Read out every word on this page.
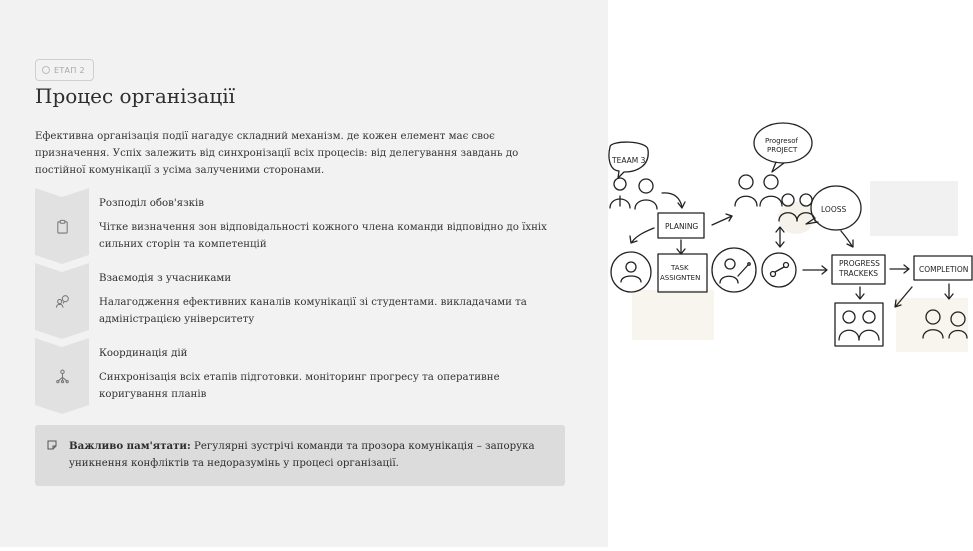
ЕТАП 2
Процес організації

Ефективна організація події нагадує складний механізм. де кожен елемент має своє призначення. Успіх залежить від синхронізації всіх процесів: від делегування завдань до постійної комунікації з усіма залученими сторонами.

Розподіл обов'язків
Чітке визначення зон відповідальності кожного члена команди відповідно до їхніх сильних сторін та компетенцій
Взаємодія з учасниками
Налагодження ефективних каналів комунікації зі студентами. викладачами та адміністрацією університету
Координація дій
Синхронізація всіх етапів підготовки. моніторинг прогресу та оперативне коригування планів
Важливо пам'ятати: Регулярні зустрічі команди та прозора комунікація – запорука уникнення конфліктів та недоразумінь у процесі організації.
TEAAM 3
PLANING
Progresof
PROJECT
LOOSS
TASK
ASSIGNTEN
PROGRESS
TRACKEKS	COMPLETION
